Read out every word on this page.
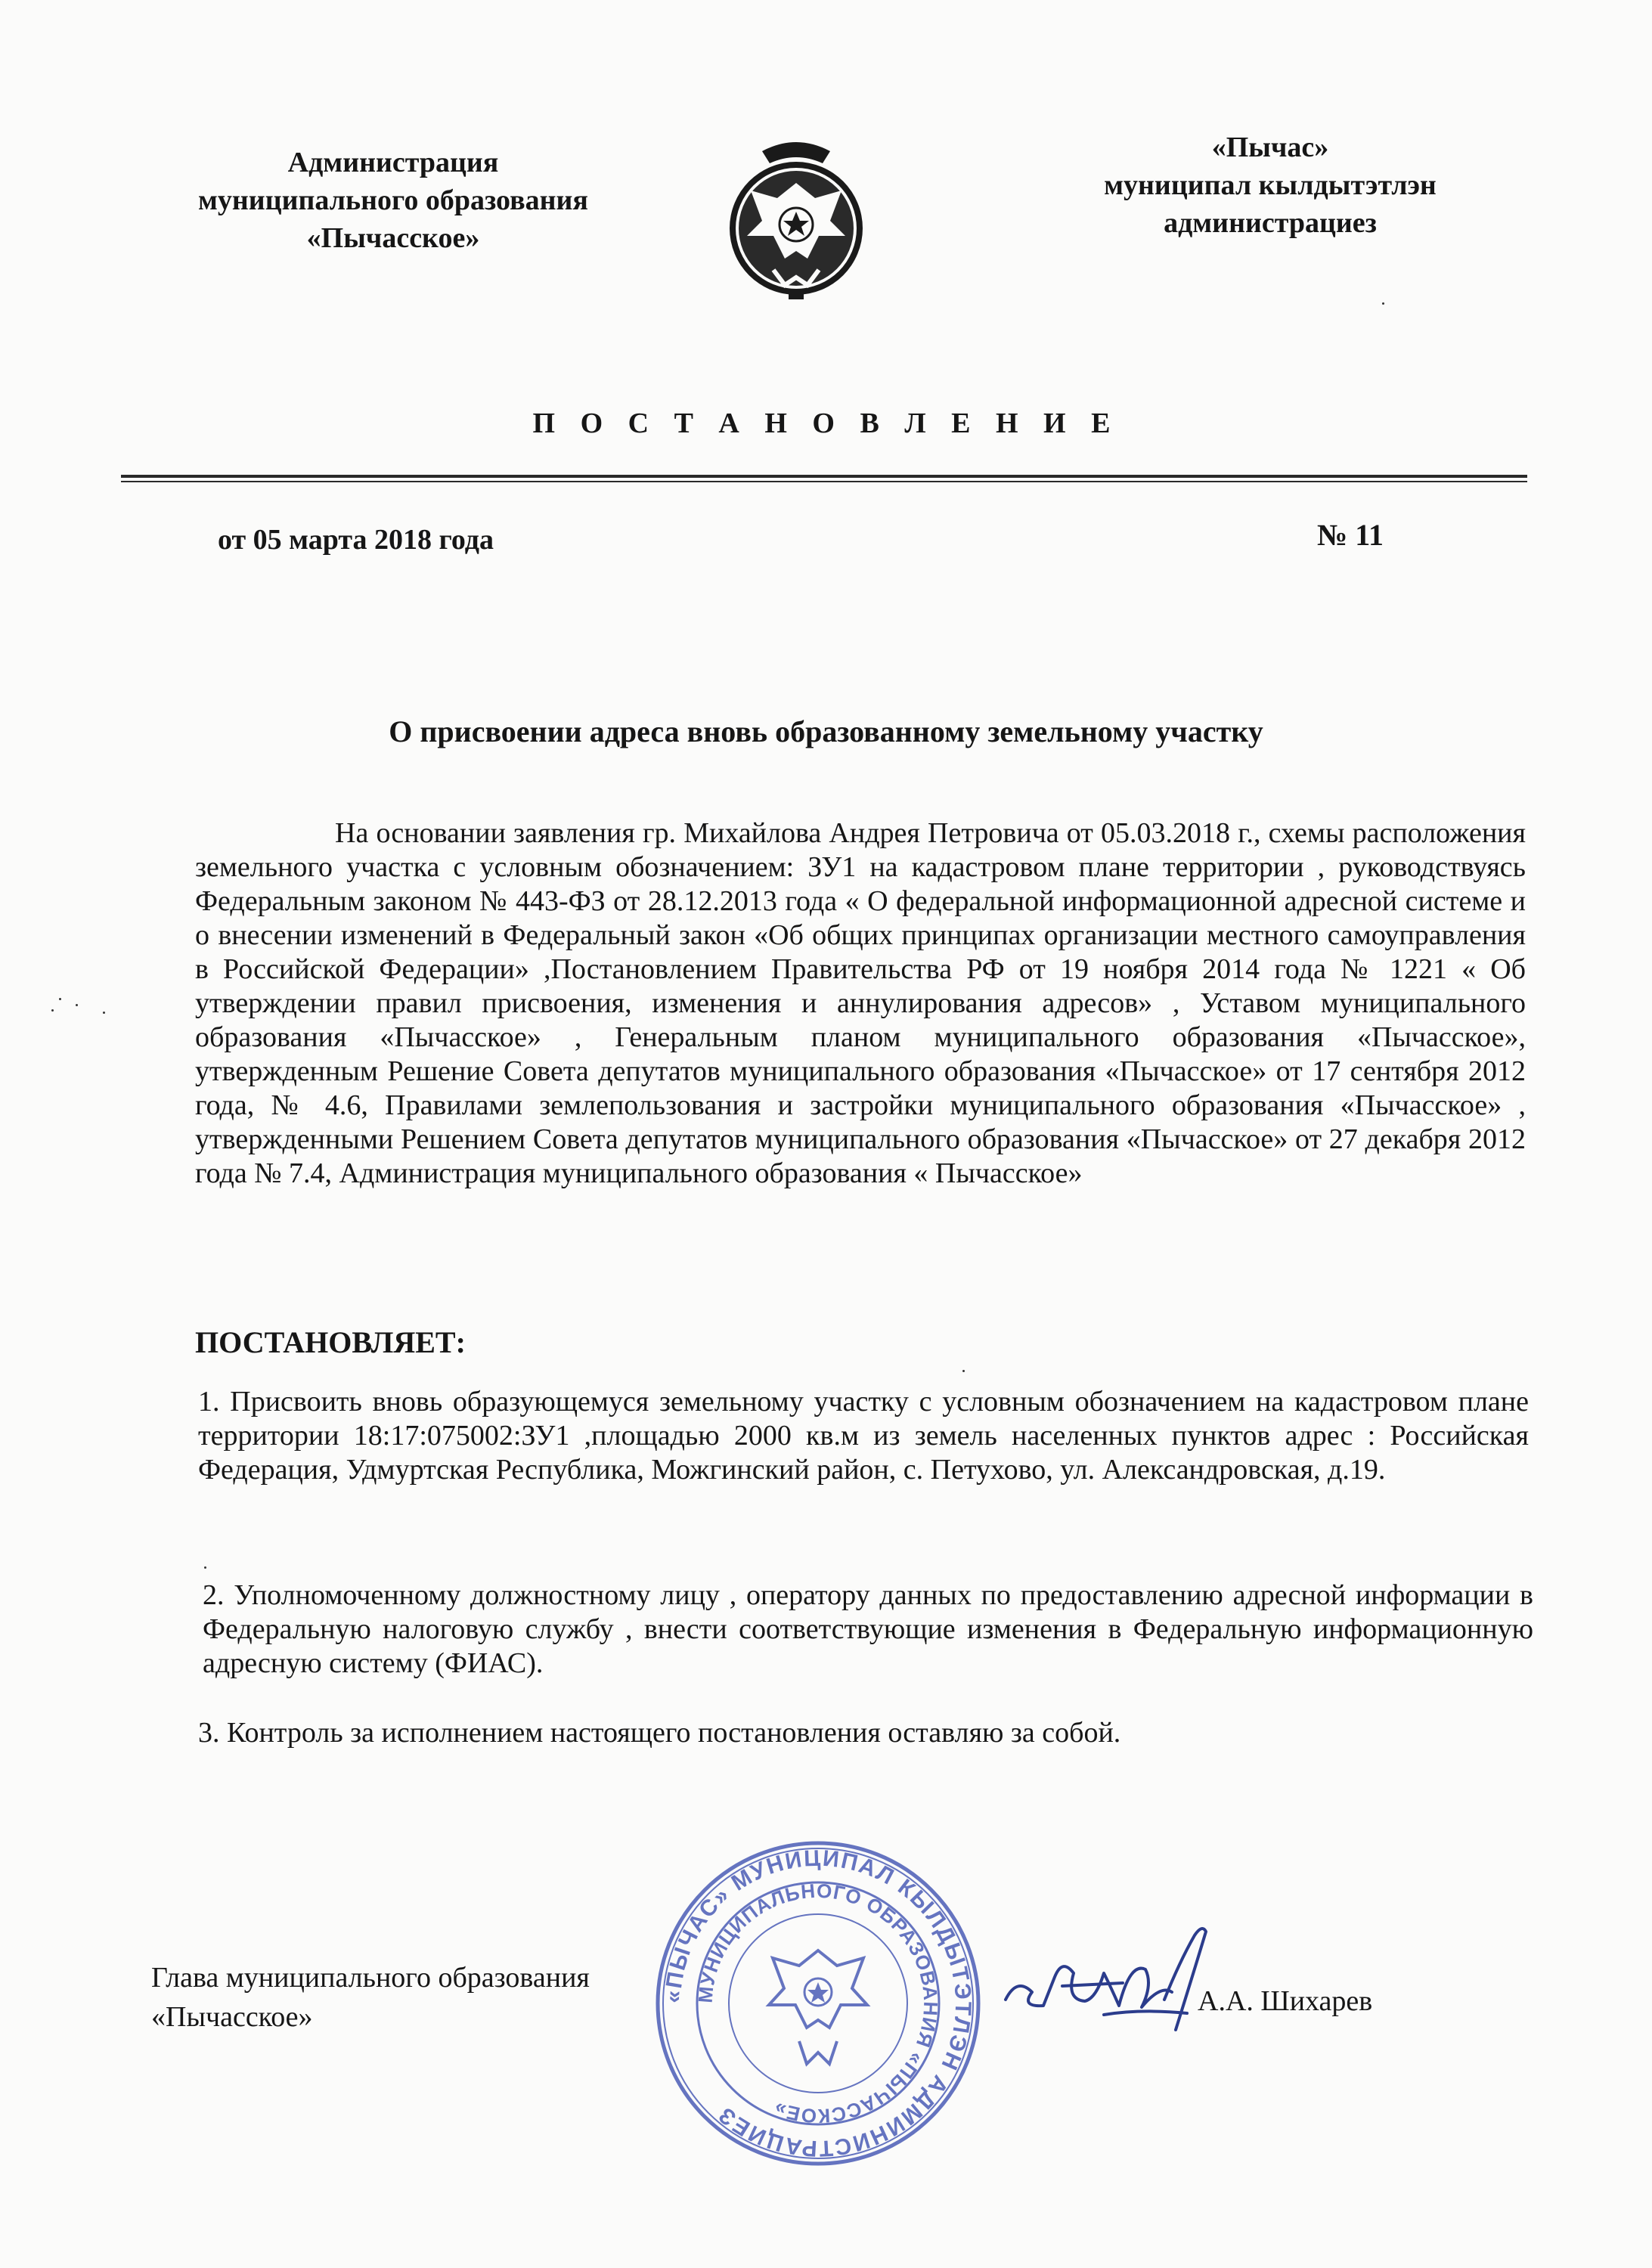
Администрация
муниципального образования
«Пычасское»
«Пычас»
муниципал кылдытэтлэн
администрациез
П О С Т А Н О В Л Е Н И Е
от 05 марта 2018 года	№ 11
О присвоении адреса вновь образованному земельному участку
На основании заявления гр. Михайлова Андрея Петровича от 05.03.2018 г., схемы расположения земельного участка с условным обозначением: ЗУ1 на кадастровом плане территории , руководствуясь Федеральным законом № 443-ФЗ от 28.12.2013 года « О федеральной информационной адресной системе и о внесении изменений в Федеральный закон «Об общих принципах организации местного самоуправления в Российской Федерации» ,Постановлением Правительства РФ от 19 ноября 2014 года № 1221 « Об утверждении правил присвоения, изменения и аннулирования адресов» , Уставом муниципального образования «Пычасское» , Генеральным планом муниципального образования «Пычасское», утвержденным Решение Совета депутатов муниципального образования «Пычасское» от 17 сентября 2012 года, № 4.6, Правилами землепользования и застройки муниципального образования «Пычасское» , утвержденными Решением Совета депутатов муниципального образования «Пычасское» от 27 декабря 2012 года № 7.4, Администрация муниципального образования « Пычасское»
ПОСТАНОВЛЯЕТ:
1. Присвоить вновь образующемуся земельному участку с условным обозначением на кадастровом плане территории 18:17:075002:ЗУ1 ,площадью 2000 кв.м из земель населенных пунктов адрес : Российская Федерация, Удмуртская Республика, Можгинский район, с. Петухово, ул. Александровская, д.19.
2. Уполномоченному должностному лицу , оператору данных по предоставлению адресной информации в Федеральную налоговую службу , внести соответствующие изменения в Федеральную информационную адресную систему (ФИАС).
3. Контроль за исполнением настоящего постановления оставляю за собой.
Глава муниципального образования
«Пычасское»
«ПЫЧАС» МУНИЦИПАЛ КЫЛДЫТЭТЛЭН АДМИНИСТРАЦИЕЗ
МУНИЦИПАЛЬНОГО ОБРАЗОВАНИЯ «ПЫЧАССКОЕ»
А.А. Шихарев
